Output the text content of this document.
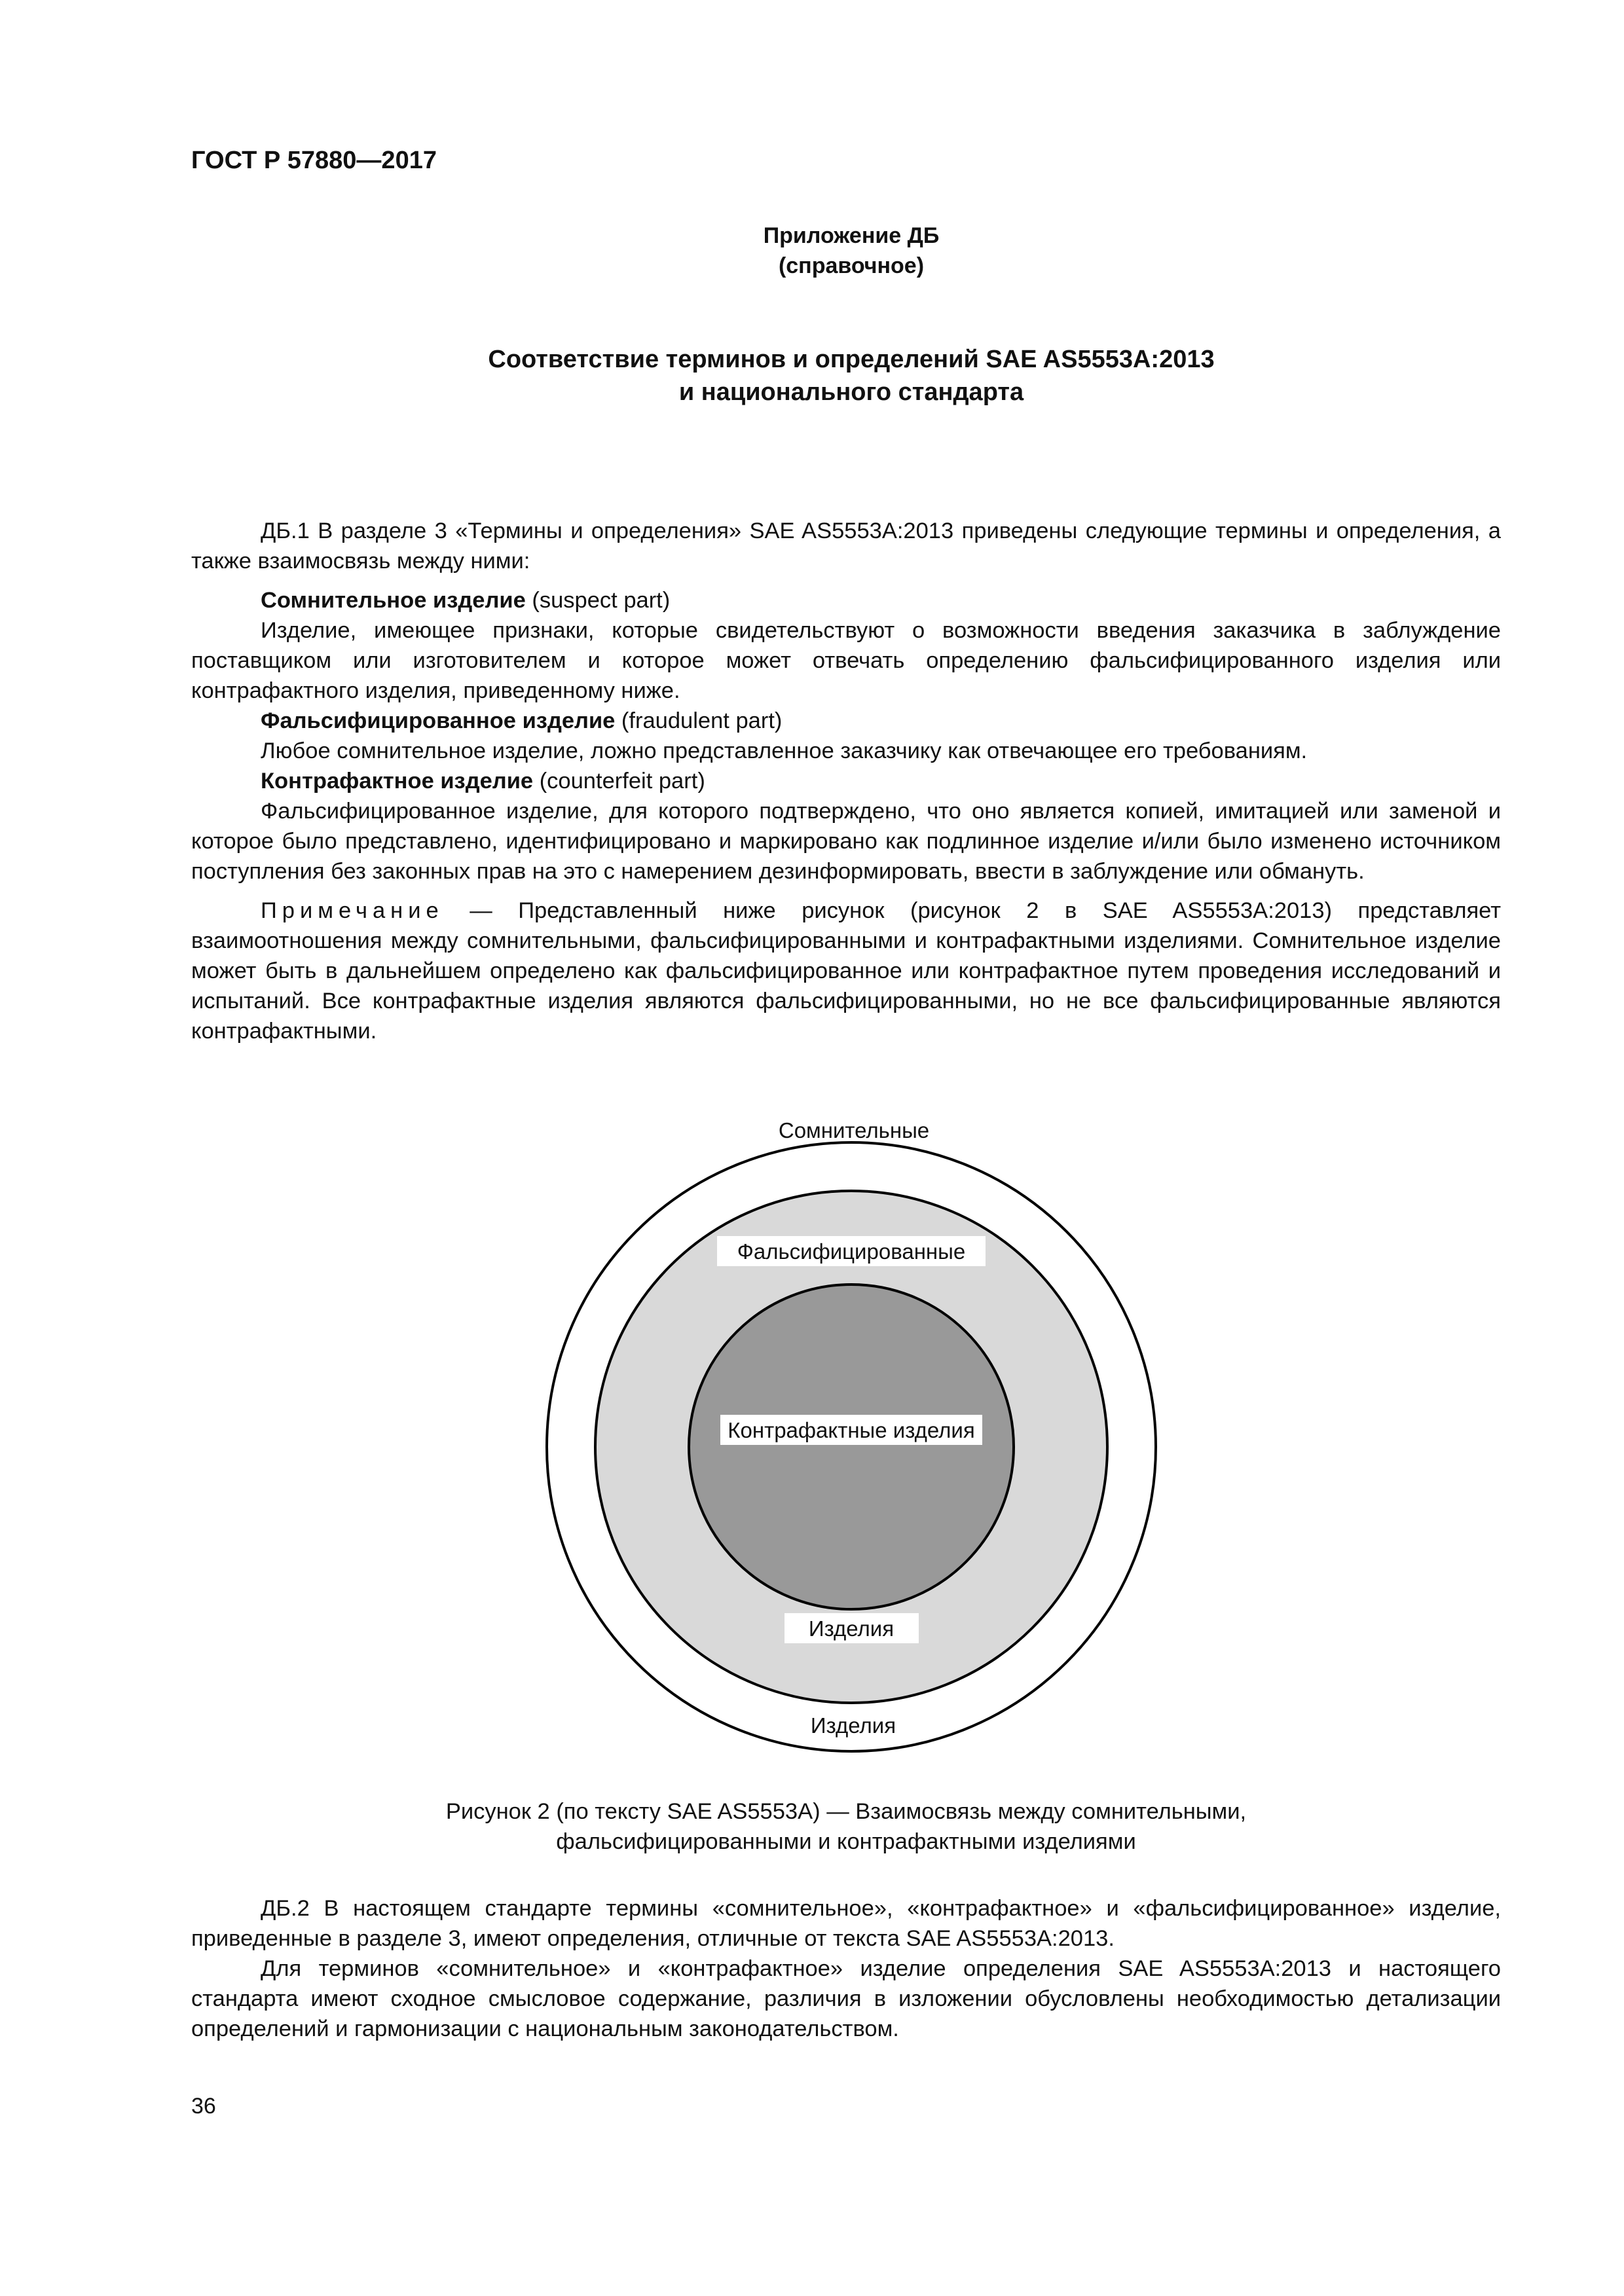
ГОСТ Р 57880—2017
Приложение ДБ
(справочное)
Соответствие терминов и определений SAE AS5553A:2013
и национального стандарта

ДБ.1 В разделе 3 «Термины и определения» SAE AS5553A:2013 приведены следующие термины и определения, а также взаимосвязь между ними:

Сомнительное изделие (suspect part)

Изделие, имеющее признаки, которые свидетельствуют о возможности введения заказчика в заблуждение поставщиком или изготовителем и которое может отвечать определению фальсифицированного изделия или контрафактного изделия, приведенному ниже.

Фальсифицированное изделие (fraudulent part)

Любое сомнительное изделие, ложно представленное заказчику как отвечающее его требованиям.

Контрафактное изделие (counterfeit part)

Фальсифицированное изделие, для которого подтверждено, что оно является копией, имитацией или заменой и которое было представлено, идентифицировано и маркировано как подлинное изделие и/или было изменено источником поступления без законных прав на это с намерением дезинформировать, ввести в заблуждение или обмануть.

Примечание — Представленный ниже рисунок (рисунок 2 в SAE AS5553A:2013) представляет взаимоотношения между сомнительными, фальсифицированными и контрафактными изделиями. Сомнительное изделие может быть в дальнейшем определено как фальсифицированное или контрафактное путем проведения исследований и испытаний. Все контрафактные изделия являются фальсифицированными, но не все фальсифицированные являются контрафактными.

Сомнительные
Фальсифицированные
Контрафактные изделия
Изделия
Изделия
Рисунок 2 (по тексту SAE AS5553A) — Взаимосвязь между сомнительными,
фальсифицированными и контрафактными изделиями

ДБ.2 В настоящем стандарте термины «сомнительное», «контрафактное» и «фальсифицированное» изделие, приведенные в разделе 3, имеют определения, отличные от текста SAE AS5553A:2013.

Для терминов «сомнительное» и «контрафактное» изделие определения SAE AS5553A:2013 и настоящего стандарта имеют сходное смысловое содержание, различия в изложении обусловлены необходимостью детализации определений и гармонизации с национальным законодательством.

36
